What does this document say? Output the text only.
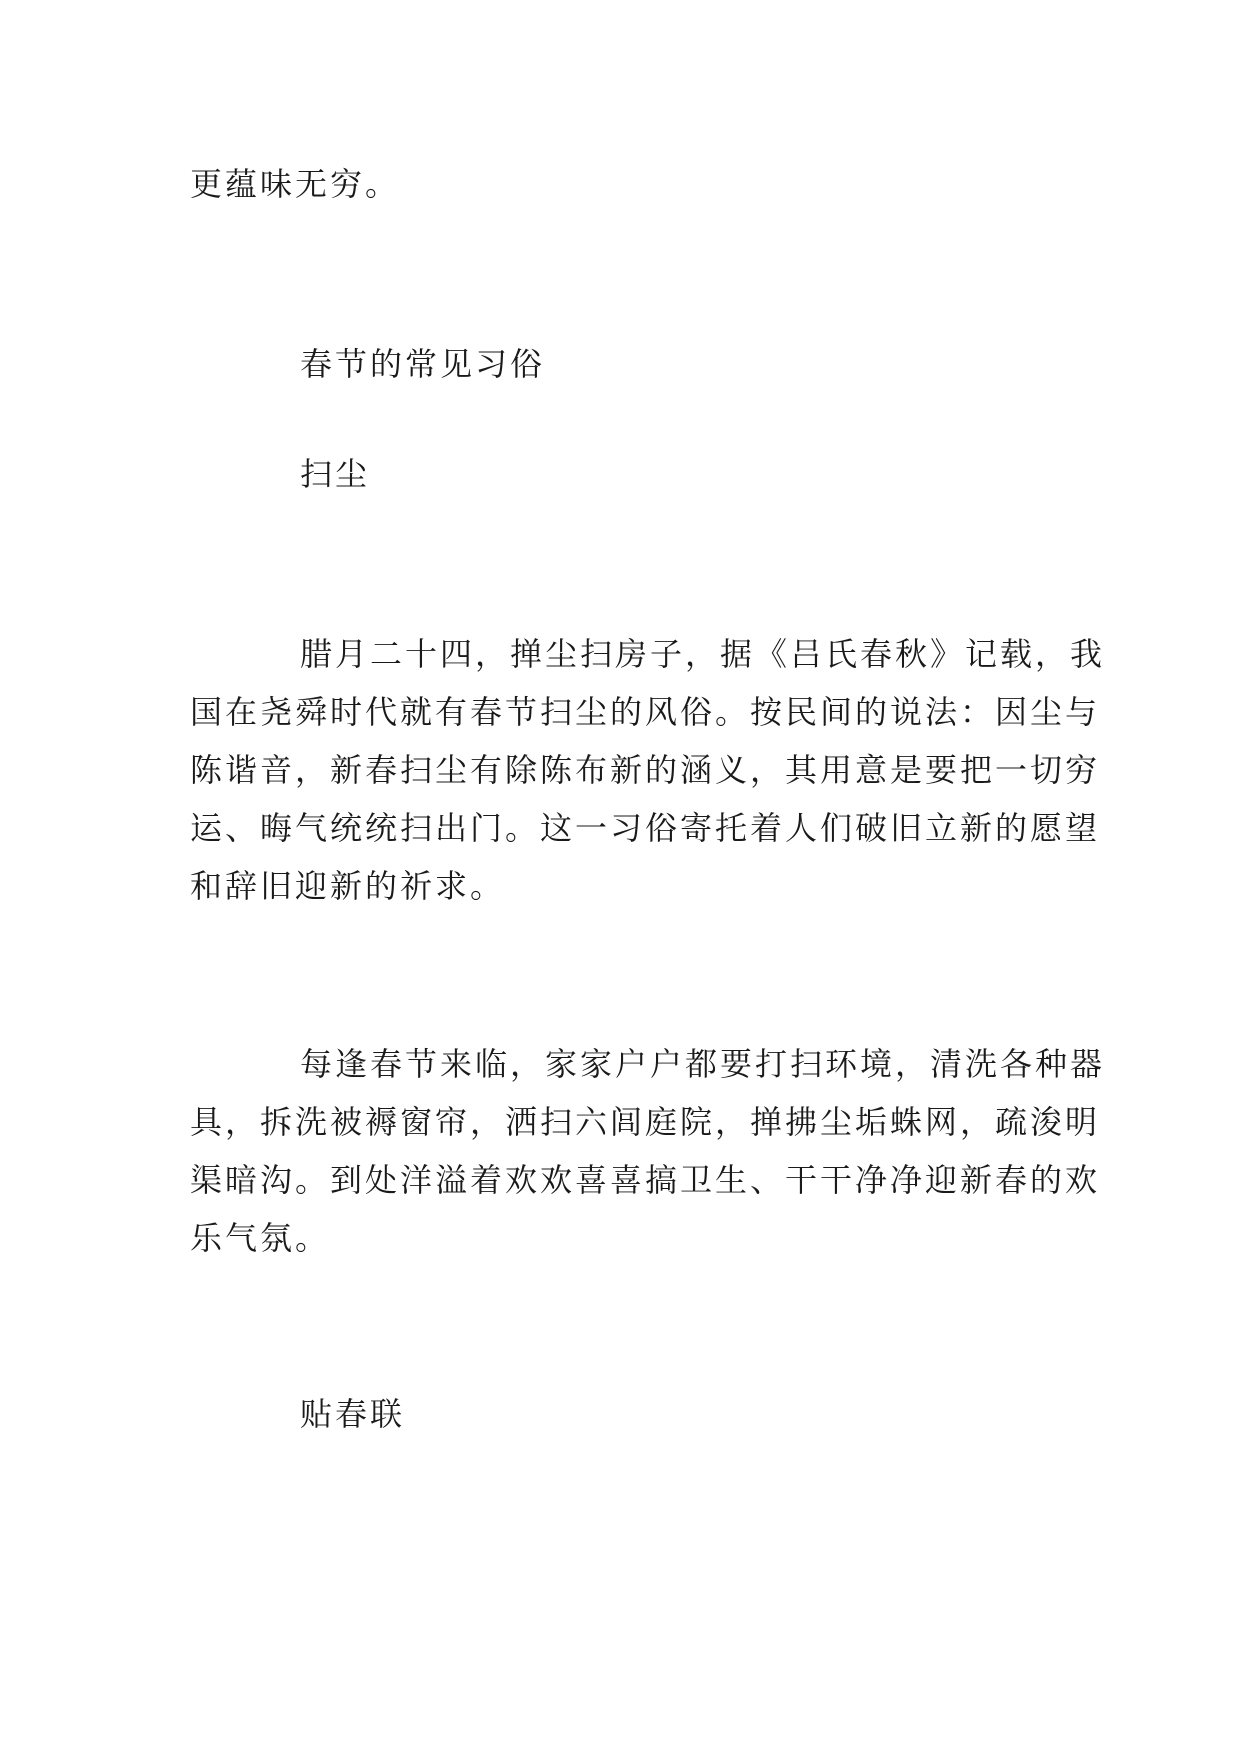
更蕴味无穷。
春节的常见习俗
扫尘
腊月二十四，掸尘扫房子，据《吕氏春秋》记载，我
国在尧舜时代就有春节扫尘的风俗。按民间的说法：因尘与
陈谐音，新春扫尘有除陈布新的涵义，其用意是要把一切穷
运、晦气统统扫出门。这一习俗寄托着人们破旧立新的愿望
和辞旧迎新的祈求。
每逢春节来临，家家户户都要打扫环境，清洗各种器
具，拆洗被褥窗帘，洒扫六闾庭院，掸拂尘垢蛛网，疏浚明
渠暗沟。到处洋溢着欢欢喜喜搞卫生、干干净净迎新春的欢
乐气氛。
贴春联
